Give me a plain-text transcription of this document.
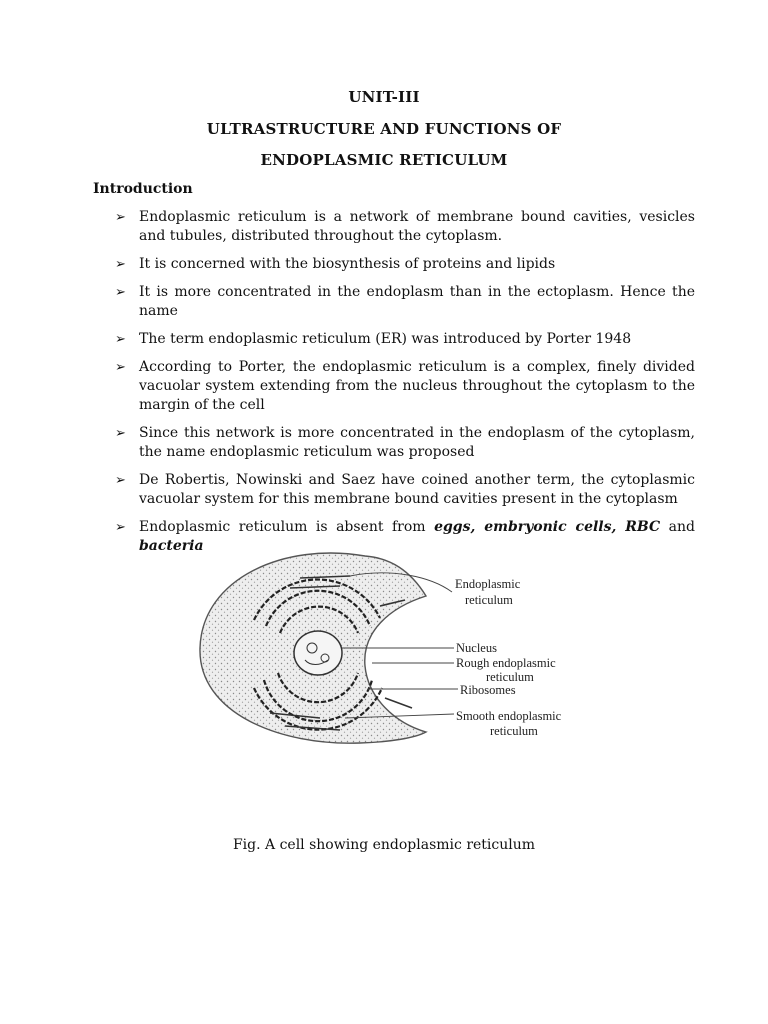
UNIT-III
ULTRASTRUCTURE AND FUNCTIONS OF
ENDOPLASMIC RETICULUM
Introduction
➢ Endoplasmic reticulum is a network of membrane bound cavities, vesicles and tubules, distributed throughout the cytoplasm.
➢ It is concerned with the biosynthesis of proteins and lipids
➢ It is more concentrated in the endoplasm than in the ectoplasm. Hence the name
➢ The term endoplasmic reticulum (ER) was introduced by Porter 1948
➢ According to Porter, the endoplasmic reticulum is a complex, finely divided vacuolar system extending from the nucleus throughout the cytoplasm to the margin of the cell
➢ Since this network is more concentrated in the endoplasm of the cytoplasm, the name endoplasmic reticulum was proposed
➢ De Robertis, Nowinski and Saez have coined another term, the cytoplasmic vacuolar system for this membrane bound cavities present in the cytoplasm
➢ Endoplasmic reticulum is absent from eggs, embryonic cells, RBC and bacteria
Endoplasmic
reticulum
Nucleus
Rough endoplasmic
reticulum
Ribosomes
Smooth endoplasmic
reticulum
Fig. A cell showing endoplasmic reticulum
